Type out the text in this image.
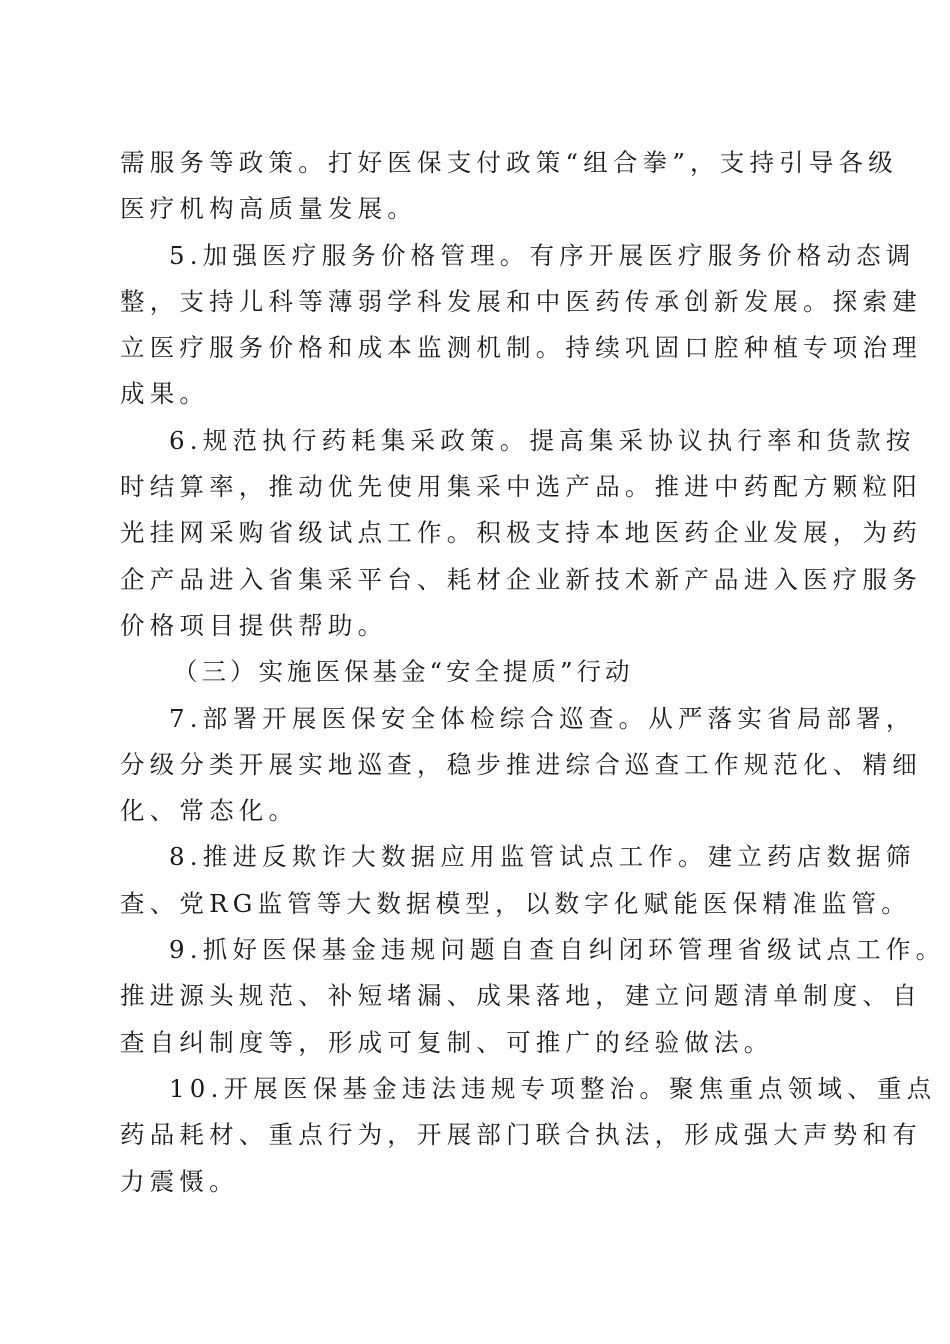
需服务等政策。打好医保支付政策“组合拳”，支持引导各级
医疗机构高质量发展。
5.加强医疗服务价格管理。有序开展医疗服务价格动态调
整，支持儿科等薄弱学科发展和中医药传承创新发展。探索建
立医疗服务价格和成本监测机制。持续巩固口腔种植专项治理
成果。
6.规范执行药耗集采政策。提高集采协议执行率和货款按
时结算率，推动优先使用集采中选产品。推进中药配方颗粒阳
光挂网采购省级试点工作。积极支持本地医药企业发展，为药
企产品进入省集采平台、耗材企业新技术新产品进入医疗服务
价格项目提供帮助。
（三）实施医保基金“安全提质”行动
7.部署开展医保安全体检综合巡查。从严落实省局部署，
分级分类开展实地巡查，稳步推进综合巡查工作规范化、精细
化、常态化。
8.推进反欺诈大数据应用监管试点工作。建立药店数据筛
查、党RG监管等大数据模型，以数字化赋能医保精准监管。
9.抓好医保基金违规问题自查自纠闭环管理省级试点工作。
推进源头规范、补短堵漏、成果落地，建立问题清单制度、自
查自纠制度等，形成可复制、可推广的经验做法。
10.开展医保基金违法违规专项整治。聚焦重点领域、重点
药品耗材、重点行为，开展部门联合执法，形成强大声势和有
力震慑。
